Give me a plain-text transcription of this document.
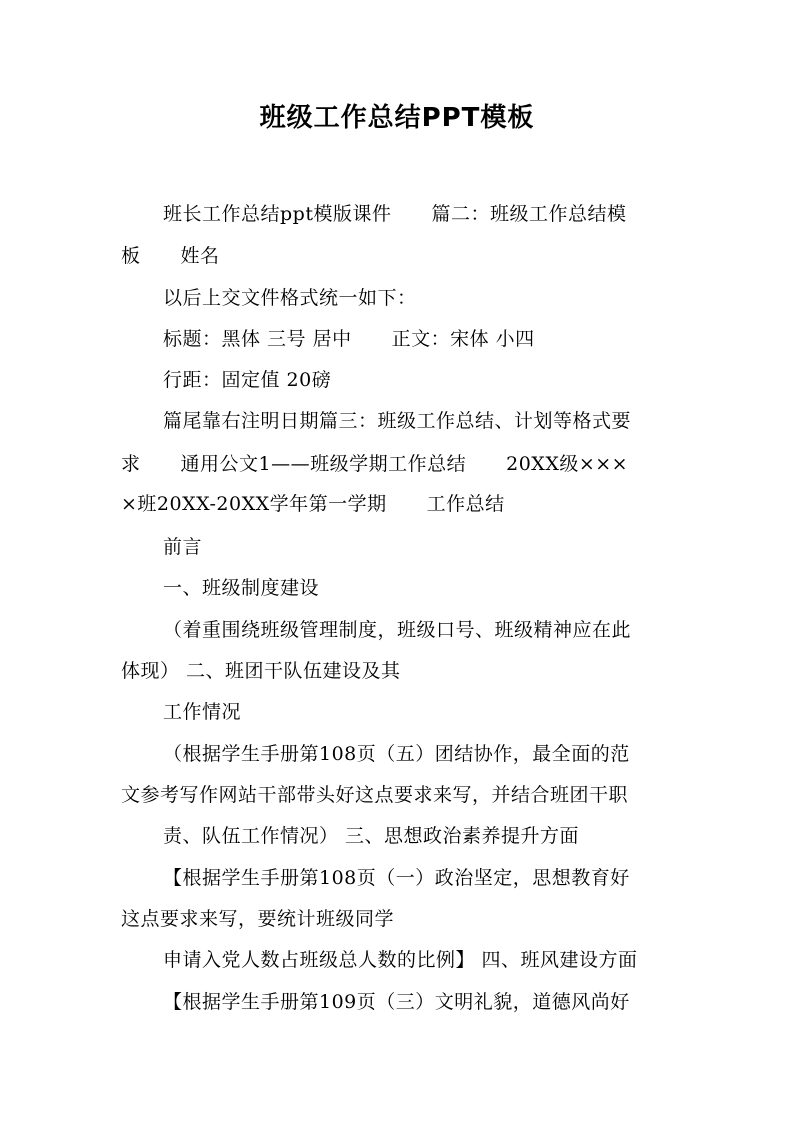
班级工作总结PPT模板
班长工作总结ppt模版课件 篇二：班级工作总结模
板 姓名
以后上交文件格式统一如下：
标题：黑体 三号 居中 正文：宋体 小四
行距：固定值 20磅
篇尾靠右注明日期篇三：班级工作总结、计划等格式要
求 通用公文1——班级学期工作总结 20XX级×××
×班20XX-20XX学年第一学期 工作总结
前言
一、班级制度建设
（着重围绕班级管理制度，班级口号、班级精神应在此
体现） 二、班团干队伍建设及其
工作情况
（根据学生手册第108页（五）团结协作，最全面的范
文参考写作网站干部带头好这点要求来写，并结合班团干职
责、队伍工作情况） 三、思想政治素养提升方面
【根据学生手册第108页（一）政治坚定，思想教育好
这点要求来写，要统计班级同学
申请入党人数占班级总人数的比例】 四、班风建设方面
【根据学生手册第109页（三）文明礼貌，道德风尚好
